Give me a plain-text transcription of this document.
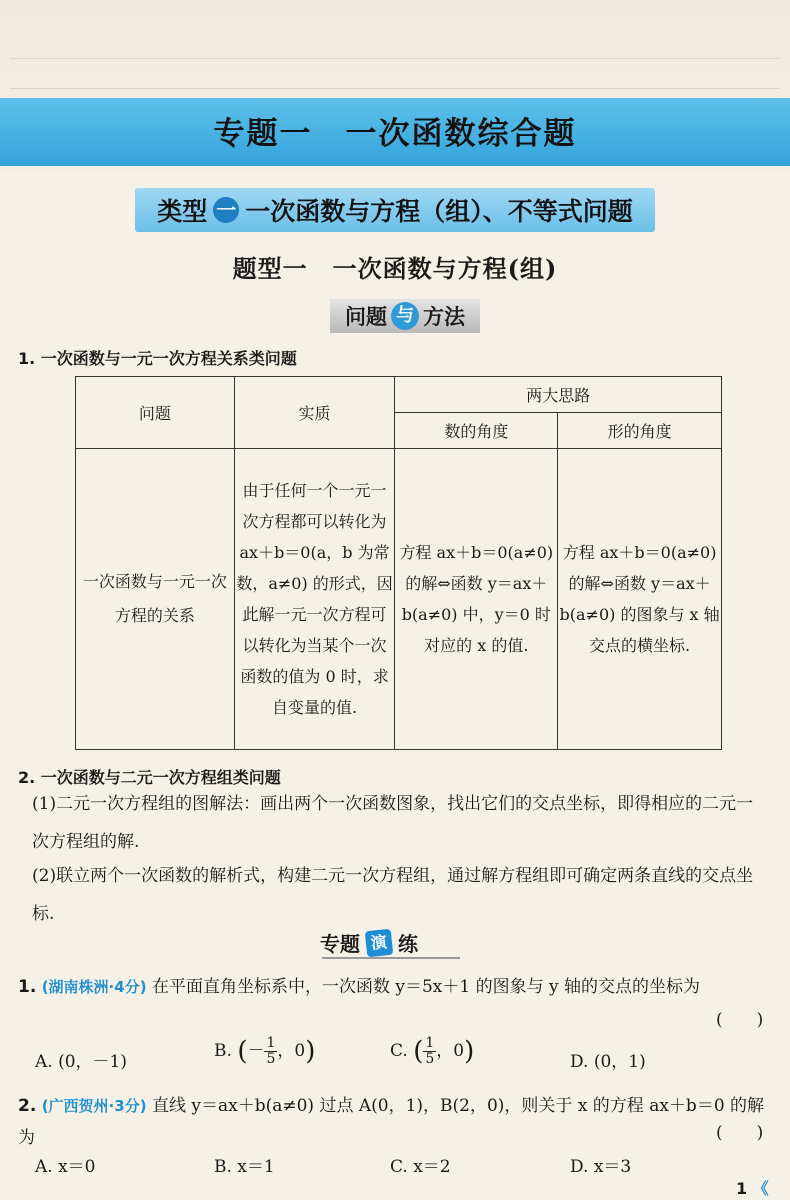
专题一　一次函数综合题
类型 一 一次函数与方程（组）、不等式问题
题型一　一次函数与方程(组)
问题 与 方法
1. 一次函数与一元一次方程关系类问题
问题	实质	两大思路	
		数的角度	形的角度
一次函数与一元一次方程的关系	由于任何一个一元一次方程都可以转化为 ax＋b＝0(a，b 为常数，a≠0) 的形式，因此解一元一次方程可以转化为当某个一次函数的值为 0 时，求自变量的值.	方程 ax＋b＝0(a≠0) 的解⇔函数 y＝ax＋b(a≠0) 中，y＝0 时对应的 x 的值.	方程 ax＋b＝0(a≠0) 的解⇔函数 y＝ax＋b(a≠0) 的图象与 x 轴交点的横坐标.
2. 一次函数与二元一次方程组类问题
(1)二元一次方程组的图解法：画出两个一次函数图象，找出它们的交点坐标，即得相应的二元一次方程组的解.
(2)联立两个一次函数的解析式，构建二元一次方程组，通过解方程组即可确定两条直线的交点坐标.
专题 演 练
1. (湖南株洲·4分) 在平面直角坐标系中，一次函数 y＝5x＋1 的图象与 y 轴的交点的坐标为
(　　)
A. (0，－1)
B. (－ $\frac{1}{5}$ ，0)	C. ( $\frac{1}{5}$ ，0)	D. (0，1)
2. (广西贺州·3分) 直线 y＝ax＋b(a≠0) 过点 A(0，1)，B(2，0)，则关于 x 的方程 ax＋b＝0 的解为	(　　)
A. x＝0	B. x＝1	C. x＝2	D. x＝3
1 《
